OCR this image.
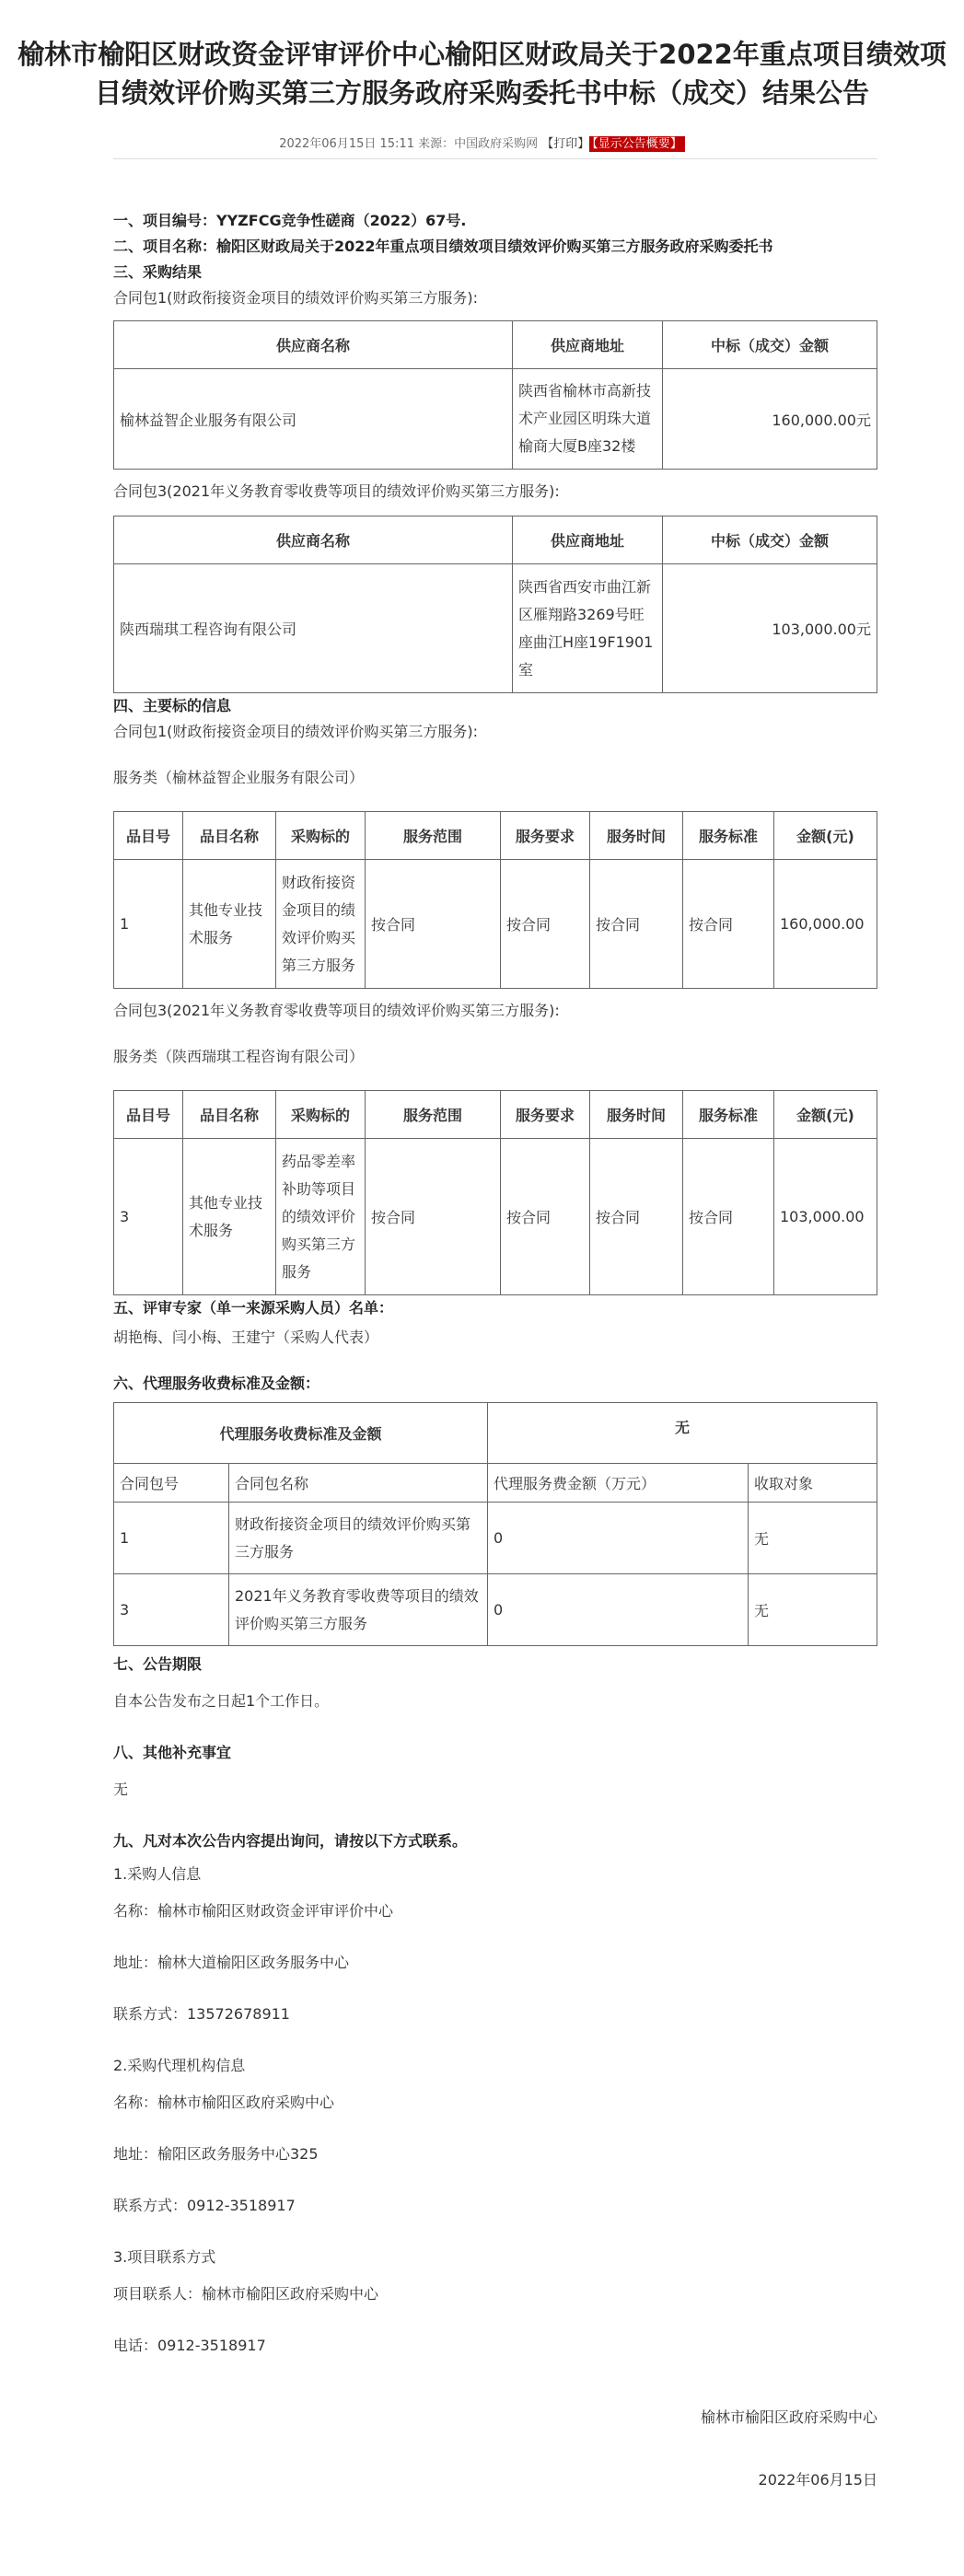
榆林市榆阳区财政资金评审评价中心榆阳区财政局关于2022年重点项目绩效项目绩效评价购买第三方服务政府采购委托书中标（成交）结果公告
2022年06月15日 15:11 来源：中国政府采购网 【打印】 【显示公告概要】
一、项目编号：YYZFCG竞争性磋商（2022）67号.
二、项目名称：榆阳区财政局关于2022年重点项目绩效项目绩效评价购买第三方服务政府采购委托书
三、采购结果
合同包1(财政衔接资金项目的绩效评价购买第三方服务):
供应商名称	供应商地址	中标（成交）金额
榆林益智企业服务有限公司	陕西省榆林市高新技术产业园区明珠大道榆商大厦B座32楼	160,000.00元
合同包3(2021年义务教育零收费等项目的绩效评价购买第三方服务):
供应商名称	供应商地址	中标（成交）金额
陕西瑞琪工程咨询有限公司	陕西省西安市曲江新区雁翔路3269号旺座曲江H座19F1901室	103,000.00元
四、主要标的信息
合同包1(财政衔接资金项目的绩效评价购买第三方服务):
服务类（榆林益智企业服务有限公司）
品目号	品目名称	采购标的	服务范围	服务要求	服务时间	服务标准	金额(元)
1	其他专业技术服务	财政衔接资金项目的绩效评价购买第三方服务	按合同	按合同	按合同	按合同	160,000.00
合同包3(2021年义务教育零收费等项目的绩效评价购买第三方服务):
服务类（陕西瑞琪工程咨询有限公司）
品目号	品目名称	采购标的	服务范围	服务要求	服务时间	服务标准	金额(元)
3	其他专业技术服务	药品零差率补助等项目的绩效评价购买第三方服务	按合同	按合同	按合同	按合同	103,000.00
五、评审专家（单一来源采购人员）名单：
胡艳梅、闫小梅、王建宁（采购人代表）
六、代理服务收费标准及金额：
代理服务收费标准及金额		无	
合同包号	合同包名称	代理服务费金额（万元）	收取对象
1	财政衔接资金项目的绩效评价购买第三方服务	0	无
3	2021年义务教育零收费等项目的绩效评价购买第三方服务	0	无
七、公告期限
自本公告发布之日起1个工作日。
八、其他补充事宜
无
九、凡对本次公告内容提出询问，请按以下方式联系。
1.采购人信息
名称：榆林市榆阳区财政资金评审评价中心
地址：榆林大道榆阳区政务服务中心
联系方式：13572678911
2.采购代理机构信息
名称：榆林市榆阳区政府采购中心
地址：榆阳区政务服务中心325
联系方式：0912-3518917
3.项目联系方式
项目联系人：榆林市榆阳区政府采购中心
电话：0912-3518917
榆林市榆阳区政府采购中心
2022年06月15日
